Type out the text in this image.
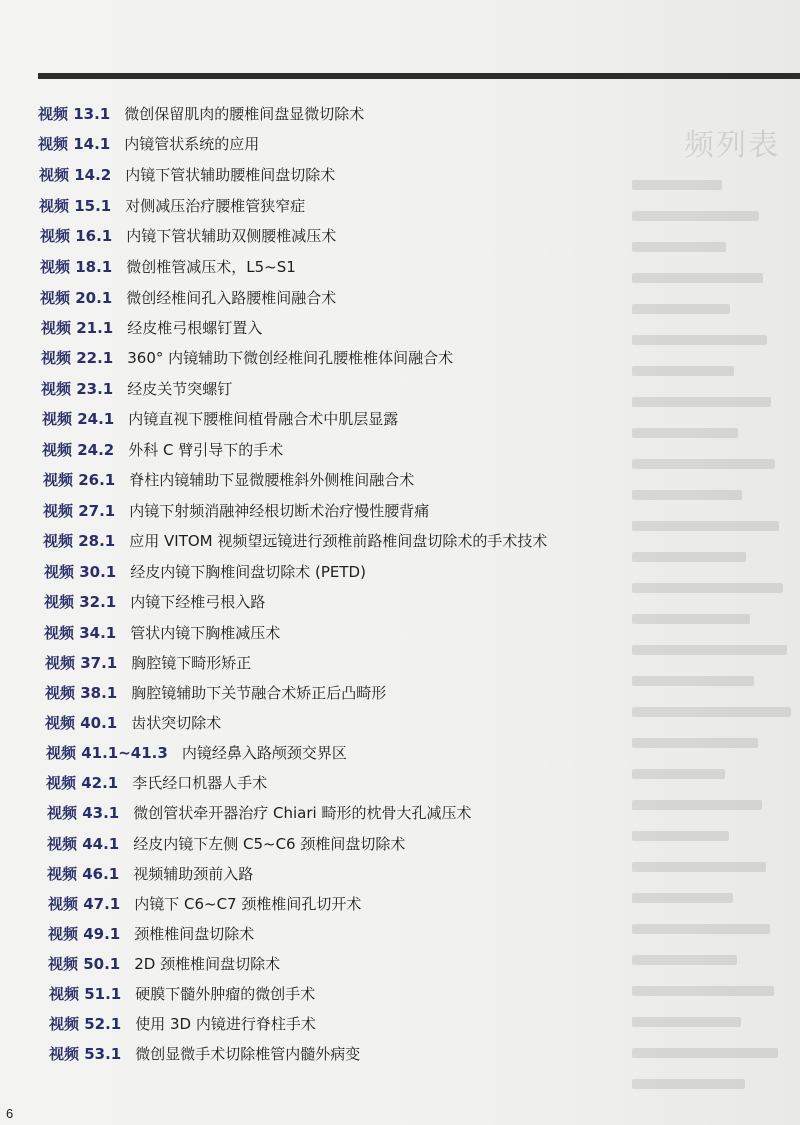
频列表
视频 13.1 微创保留肌肉的腰椎间盘显微切除术
视频 14.1 内镜管状系统的应用
视频 14.2 内镜下管状辅助腰椎间盘切除术
视频 15.1 对侧减压治疗腰椎管狭窄症
视频 16.1 内镜下管状辅助双侧腰椎减压术
视频 18.1 微创椎管减压术，L5~S1
视频 20.1 微创经椎间孔入路腰椎间融合术
视频 21.1 经皮椎弓根螺钉置入
视频 22.1 360° 内镜辅助下微创经椎间孔腰椎椎体间融合术
视频 23.1 经皮关节突螺钉
视频 24.1 内镜直视下腰椎间植骨融合术中肌层显露
视频 24.2 外科 C 臂引导下的手术
视频 26.1 脊柱内镜辅助下显微腰椎斜外侧椎间融合术
视频 27.1 内镜下射频消融神经根切断术治疗慢性腰背痛
视频 28.1 应用 VITOM 视频望远镜进行颈椎前路椎间盘切除术的手术技术
视频 30.1 经皮内镜下胸椎间盘切除术 (PETD)
视频 32.1 内镜下经椎弓根入路
视频 34.1 管状内镜下胸椎减压术
视频 37.1 胸腔镜下畸形矫正
视频 38.1 胸腔镜辅助下关节融合术矫正后凸畸形
视频 40.1 齿状突切除术
视频 41.1~41.3 内镜经鼻入路颅颈交界区
视频 42.1 李氏经口机器人手术
视频 43.1 微创管状牵开器治疗 Chiari 畸形的枕骨大孔减压术
视频 44.1 经皮内镜下左侧 C5~C6 颈椎间盘切除术
视频 46.1 视频辅助颈前入路
视频 47.1 内镜下 C6~C7 颈椎椎间孔切开术
视频 49.1 颈椎椎间盘切除术
视频 50.1 2D 颈椎椎间盘切除术
视频 51.1 硬膜下髓外肿瘤的微创手术
视频 52.1 使用 3D 内镜进行脊柱手术
视频 53.1 微创显微手术切除椎管内髓外病变
6
